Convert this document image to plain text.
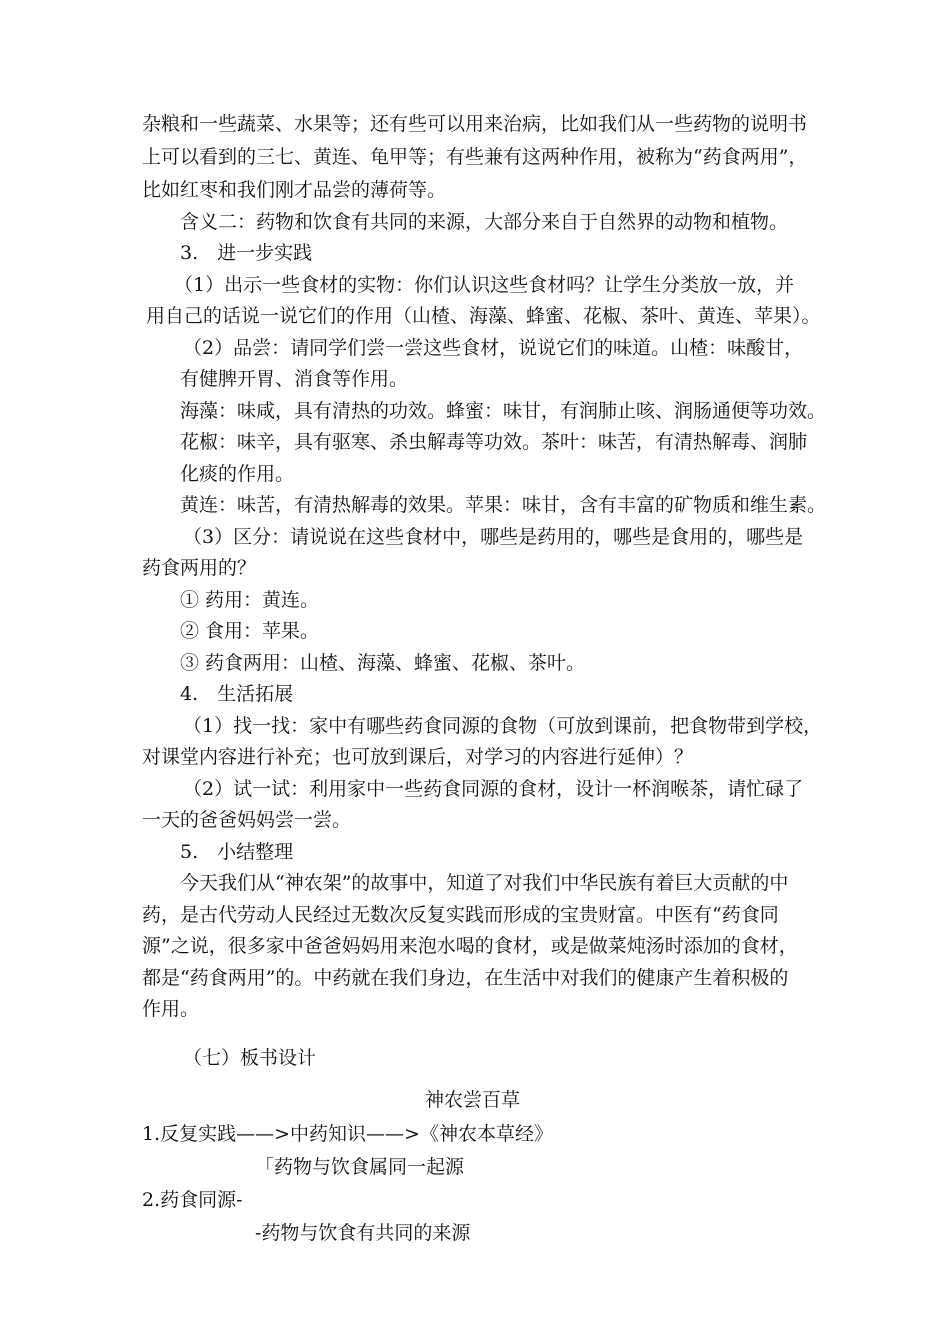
杂粮和一些蔬菜、水果等；还有些可以用来治病，比如我们从一些药物的说明书
上可以看到的三七、黄连、龟甲等；有些兼有这两种作用，被称为“药食两用”，
比如红枣和我们刚才品尝的薄荷等。
含义二：药物和饮食有共同的来源，大部分来自于自然界的动物和植物。
3.　进一步实践
（1）出示一些食材的实物：你们认识这些食材吗？让学生分类放一放，并
用自己的话说一说它们的作用（山楂、海藻、蜂蜜、花椒、茶叶、黄连、苹果）。
（2）品尝：请同学们尝一尝这些食材，说说它们的味道。山楂：味酸甘，
有健脾开胃、消食等作用。
海藻：味咸，具有清热的功效。蜂蜜：味甘，有润肺止咳、润肠通便等功效。
花椒：味辛，具有驱寒、杀虫解毒等功效。茶叶：味苦，有清热解毒、润肺
化痰的作用。
黄连：味苦，有清热解毒的效果。苹果：味甘，含有丰富的矿物质和维生素。
（3）区分：请说说在这些食材中，哪些是药用的，哪些是食用的，哪些是
药食两用的？
① 药用：黄连。
② 食用：苹果。
③ 药食两用：山楂、海藻、蜂蜜、花椒、茶叶。
4.　生活拓展
（1）找一找：家中有哪些药食同源的食物（可放到课前，把食物带到学校，
对课堂内容进行补充；也可放到课后，对学习的内容进行延伸）？
（2）试一试：利用家中一些药食同源的食材，设计一杯润喉茶，请忙碌了
一天的爸爸妈妈尝一尝。
5.　小结整理
今天我们从“神农架”的故事中，知道了对我们中华民族有着巨大贡献的中
药，是古代劳动人民经过无数次反复实践而形成的宝贵财富。中医有“药食同
源”之说，很多家中爸爸妈妈用来泡水喝的食材，或是做菜炖汤时添加的食材，
都是“药食两用”的。中药就在我们身边，在生活中对我们的健康产生着积极的
作用。
（七）板书设计
神农尝百草
1.反复实践——>中药知识——>《神农本草经》
「药物与饮食属同一起源
2.药食同源-
-药物与饮食有共同的来源
